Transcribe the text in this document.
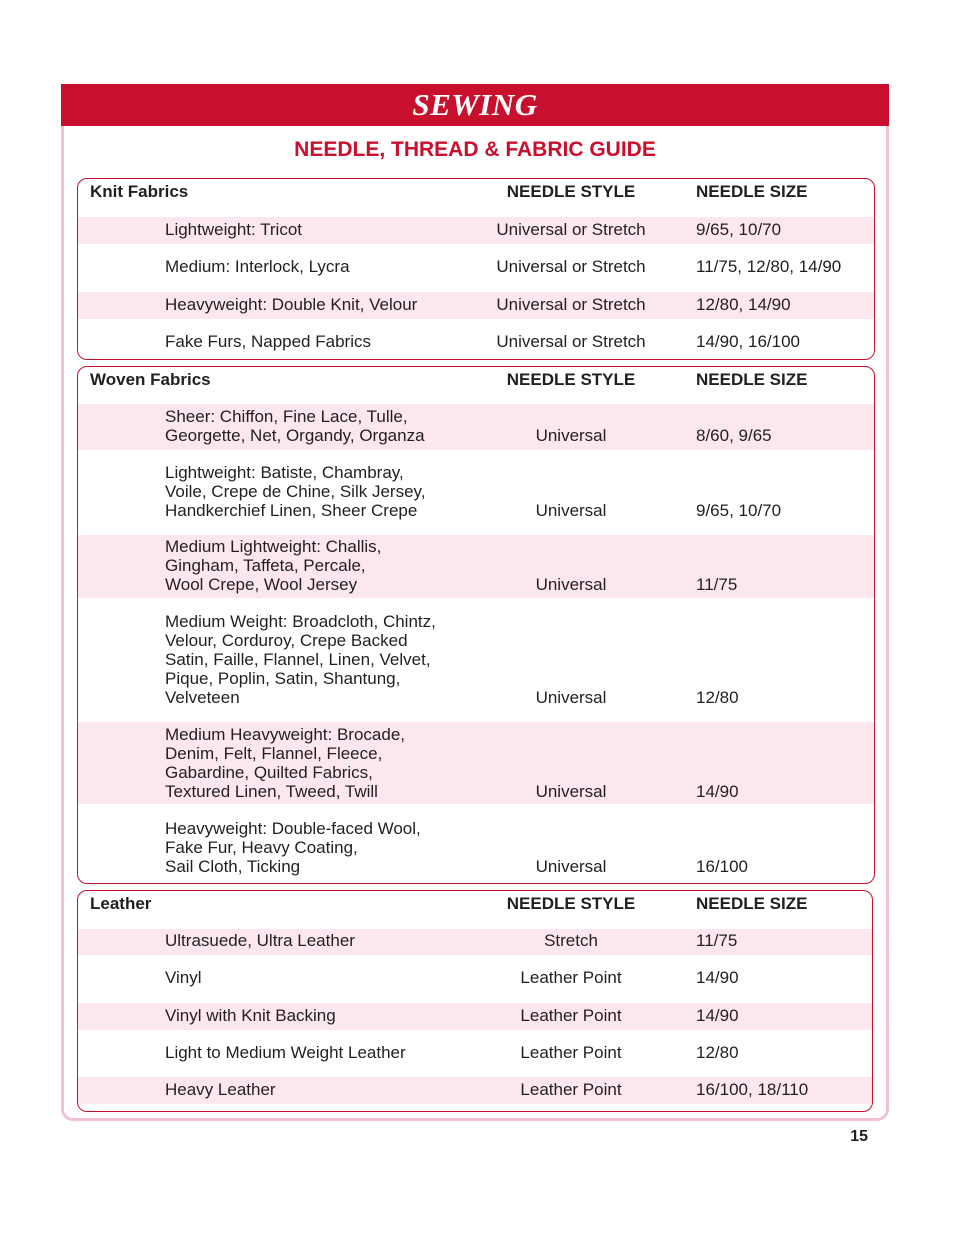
SEWING
NEEDLE, THREAD & FABRIC GUIDE
Knit Fabrics	NEEDLE STYLE	NEEDLE SIZE
Lightweight: Tricot	Universal or Stretch	9/65, 10/70
Medium: Interlock, Lycra	Universal or Stretch	11/75, 12/80, 14/90
Heavyweight: Double Knit, Velour	Universal or Stretch	12/80, 14/90
Fake Furs, Napped Fabrics	Universal or Stretch	14/90, 16/100
Woven Fabrics	NEEDLE STYLE	NEEDLE SIZE
Sheer: Chiffon, Fine Lace, Tulle,
Georgette, Net, Organdy, Organza	Universal	8/60, 9/65
Lightweight: Batiste, Chambray,
Voile, Crepe de Chine, Silk Jersey,
Handkerchief Linen, Sheer Crepe	Universal	9/65, 10/70
Medium Lightweight: Challis,
Gingham, Taffeta, Percale,
Wool Crepe, Wool Jersey	Universal	11/75
Medium Weight: Broadcloth, Chintz,
Velour, Corduroy, Crepe Backed
Satin, Faille, Flannel, Linen, Velvet,
Pique, Poplin, Satin, Shantung,
Velveteen	Universal	12/80
Medium Heavyweight: Brocade,
Denim, Felt, Flannel, Fleece,
Gabardine, Quilted Fabrics,
Textured Linen, Tweed, Twill	Universal	14/90
Heavyweight: Double-faced Wool,
Fake Fur, Heavy Coating,
Sail Cloth, Ticking	Universal	16/100
Leather	NEEDLE STYLE	NEEDLE SIZE
Ultrasuede, Ultra Leather	Stretch	11/75
Vinyl	Leather Point	14/90
Vinyl with Knit Backing	Leather Point	14/90
Light to Medium Weight Leather	Leather Point	12/80
Heavy Leather	Leather Point	16/100, 18/110
15
